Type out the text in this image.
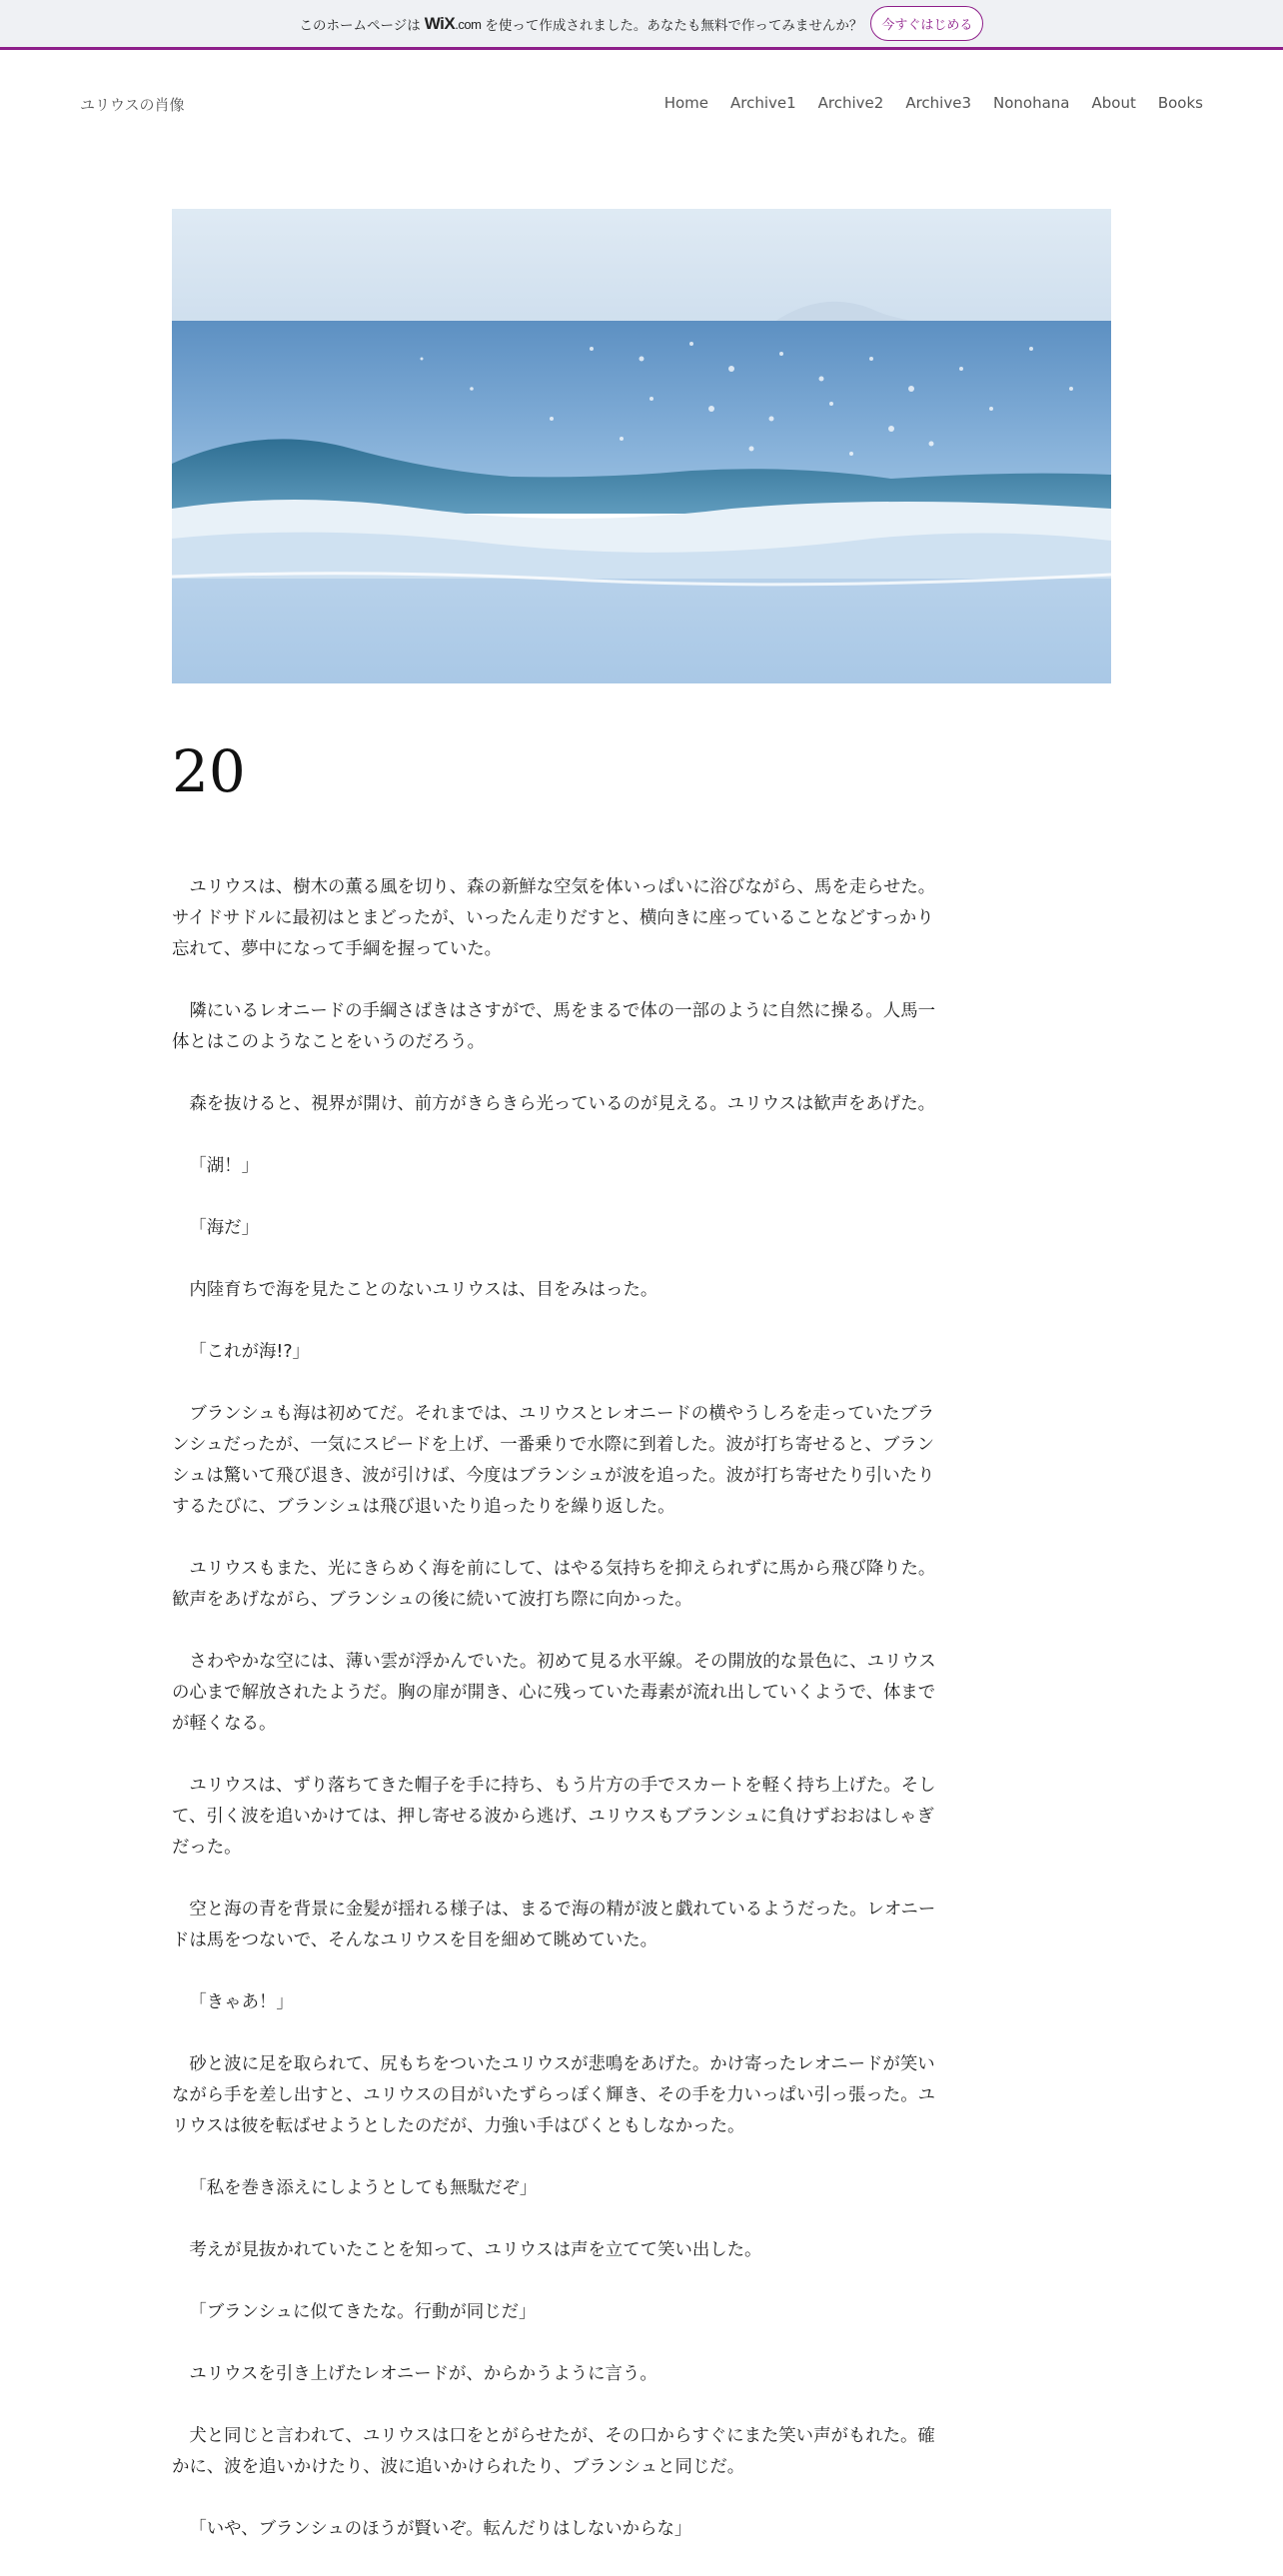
このホームページは WiX.com を使って作成されました。あなたも無料で作ってみませんか？	今すぐはじめる
ユリウスの肖像	Home Archive1 Archive2 Archive3 Nonohana About Books
20

ユリウスは、樹木の薫る風を切り、森の新鮮な空気を体いっぱいに浴びながら、馬を走らせた。サイドサドルに最初はとまどったが、いったん走りだすと、横向きに座っていることなどすっかり忘れて、夢中になって手綱を握っていた。

隣にいるレオニードの手綱さばきはさすがで、馬をまるで体の一部のように自然に操る。人馬一体とはこのようなことをいうのだろう。

森を抜けると、視界が開け、前方がきらきら光っているのが見える。ユリウスは歓声をあげた。

「湖！」

「海だ」

内陸育ちで海を見たことのないユリウスは、目をみはった。

「これが海!?」

ブランシュも海は初めてだ。それまでは、ユリウスとレオニードの横やうしろを走っていたブランシュだったが、一気にスピードを上げ、一番乗りで水際に到着した。波が打ち寄せると、ブランシュは驚いて飛び退き、波が引けば、今度はブランシュが波を追った。波が打ち寄せたり引いたりするたびに、ブランシュは飛び退いたり追ったりを繰り返した。

ユリウスもまた、光にきらめく海を前にして、はやる気持ちを抑えられずに馬から飛び降りた。歓声をあげながら、ブランシュの後に続いて波打ち際に向かった。

さわやかな空には、薄い雲が浮かんでいた。初めて見る水平線。その開放的な景色に、ユリウスの心まで解放されたようだ。胸の扉が開き、心に残っていた毒素が流れ出していくようで、体までが軽くなる。

ユリウスは、ずり落ちてきた帽子を手に持ち、もう片方の手でスカートを軽く持ち上げた。そして、引く波を追いかけては、押し寄せる波から逃げ、ユリウスもブランシュに負けずおおはしゃぎだった。

空と海の青を背景に金髪が揺れる様子は、まるで海の精が波と戯れているようだった。レオニードは馬をつないで、そんなユリウスを目を細めて眺めていた。

「きゃあ！」

砂と波に足を取られて、尻もちをついたユリウスが悲鳴をあげた。かけ寄ったレオニードが笑いながら手を差し出すと、ユリウスの目がいたずらっぽく輝き、その手を力いっぱい引っ張った。ユリウスは彼を転ばせようとしたのだが、力強い手はびくともしなかった。

「私を巻き添えにしようとしても無駄だぞ」

考えが見抜かれていたことを知って、ユリウスは声を立てて笑い出した。

「ブランシュに似てきたな。行動が同じだ」

ユリウスを引き上げたレオニードが、からかうように言う。

犬と同じと言われて、ユリウスは口をとがらせたが、その口からすぐにまた笑い声がもれた。確かに、波を追いかけたり、波に追いかけられたり、ブランシュと同じだ。

「いや、ブランシュのほうが賢いぞ。転んだりはしないからな」
